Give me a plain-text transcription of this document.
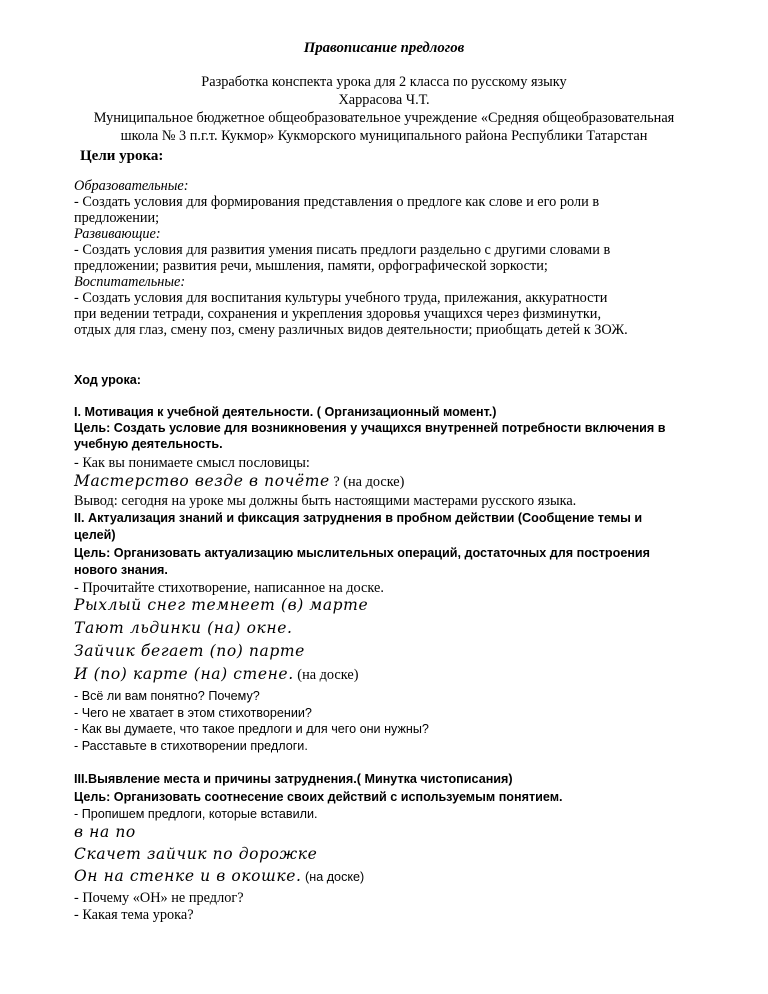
Правописание предлогов
Разработка конспекта урока для 2 класса по русскому языку
Харрасова Ч.Т.
Муниципальное бюджетное общеобразовательное учреждение «Средняя общеобразовательная
школа № 3 п.г.т. Кукмор» Кукморского муниципального района Республики Татарстан
Цели урока:
Образовательные:
- Создать условия для формирования представления о предлоге как слове и его роли в
предложении;
Развивающие:
- Создать условия для развития умения писать предлоги раздельно с другими словами в
предложении; развития речи, мышления, памяти, орфографической зоркости;
Воспитательные:
- Создать условия для воспитания культуры учебного труда, прилежания, аккуратности
при ведении тетради, сохранения и укрепления здоровья учащихся через физминутки,
отдых для глаз, смену поз, смену различных видов деятельности; приобщать детей к ЗОЖ.
Ход урока:
I. Мотивация к учебной деятельности. ( Организационный момент.)
Цель: Создать условие для возникновения у учащихся внутренней потребности включения в
учебную деятельность.
- Как вы понимаете смысл пословицы:
Мастерство везде в почёте ? (на доске)
Вывод: сегодня на уроке мы должны быть настоящими мастерами русского языка.
II. Актуализация знаний и фиксация затруднения в пробном действии (Сообщение темы и
целей)
Цель: Организовать актуализацию мыслительных операций, достаточных для построения
нового знания.
- Прочитайте стихотворение, написанное на доске.
Рыхлый снег темнеет (в) марте
Тают льдинки (на) окне.
Зайчик бегает (по) парте
И (по) карте (на) стене. (на доске)
- Всё ли вам понятно? Почему?
- Чего не хватает в этом стихотворении?
- Как вы думаете, что такое предлоги и для чего они нужны?
- Расставьте в стихотворении предлоги.
III.Выявление места и причины затруднения.( Минутка чистописания)
Цель: Организовать соотнесение своих действий с используемым понятием.
- Пропишем предлоги, которые вставили.
в на по
Скачет зайчик по дорожке
Он на стенке и в окошке. (на доске)
- Почему «ОН» не предлог?
- Какая тема урока?
